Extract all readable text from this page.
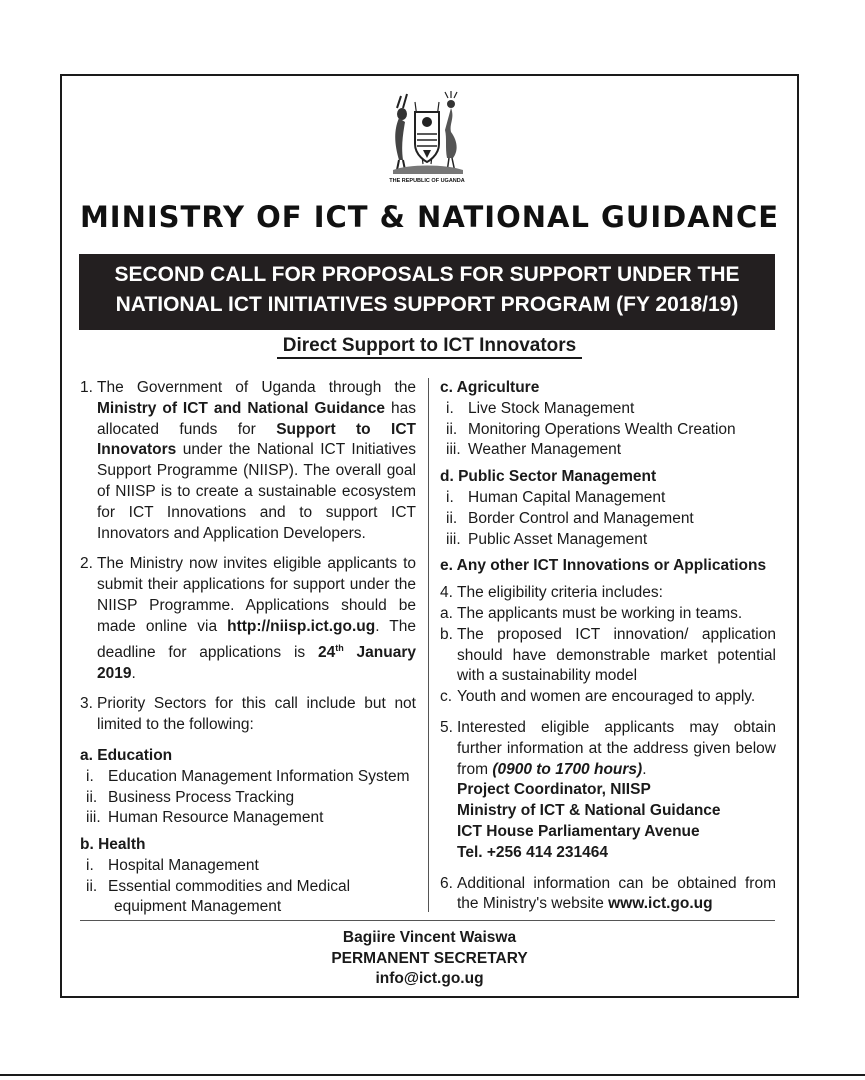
THE REPUBLIC OF UGANDA
MINISTRY OF ICT & NATIONAL GUIDANCE
SECOND CALL FOR PROPOSALS FOR SUPPORT UNDER THE
NATIONAL ICT INITIATIVES SUPPORT PROGRAM (FY 2018/19)
Direct Support to ICT Innovators
1. The Government of Uganda through the Ministry of ICT and National Guidance has allocated funds for Support to ICT Innovators under the National ICT Initiatives Support Programme (NIISP). The overall goal of NIISP is to create a sustainable ecosystem for ICT Innovations and to support ICT Innovators and Application Developers.
2. The Ministry now invites eligible applicants to submit their applications for support under the NIISP Programme. Applications should be made online via http://niisp.ict.go.ug. The deadline for applications is 24th January 2019.
3. Priority Sectors for this call include but not limited to the following:
a. Education
i. Education Management Information System
ii. Business Process Tracking
iii. Human Resource Management
b. Health
i. Hospital Management
ii. Essential commodities and Medical
equipment Management
c. Agriculture
i. Live Stock Management
ii. Monitoring Operations Wealth Creation
iii. Weather Management
d. Public Sector Management
i. Human Capital Management
ii. Border Control and Management
iii. Public Asset Management
e. Any other ICT Innovations or Applications
4. The eligibility criteria includes:
a. The applicants must be working in teams.
b. The proposed ICT innovation/ application should have demonstrable market potential with a sustainability model
c. Youth and women are encouraged to apply.
5. Interested eligible applicants may obtain further information at the address given below from (0900 to 1700 hours).
Project Coordinator, NIISP
Ministry of ICT & National Guidance
ICT House Parliamentary Avenue
Tel. +256 414 231464
6. Additional information can be obtained from the Ministry's website www.ict.go.ug
Bagiire Vincent Waiswa
PERMANENT SECRETARY
info@ict.go.ug
